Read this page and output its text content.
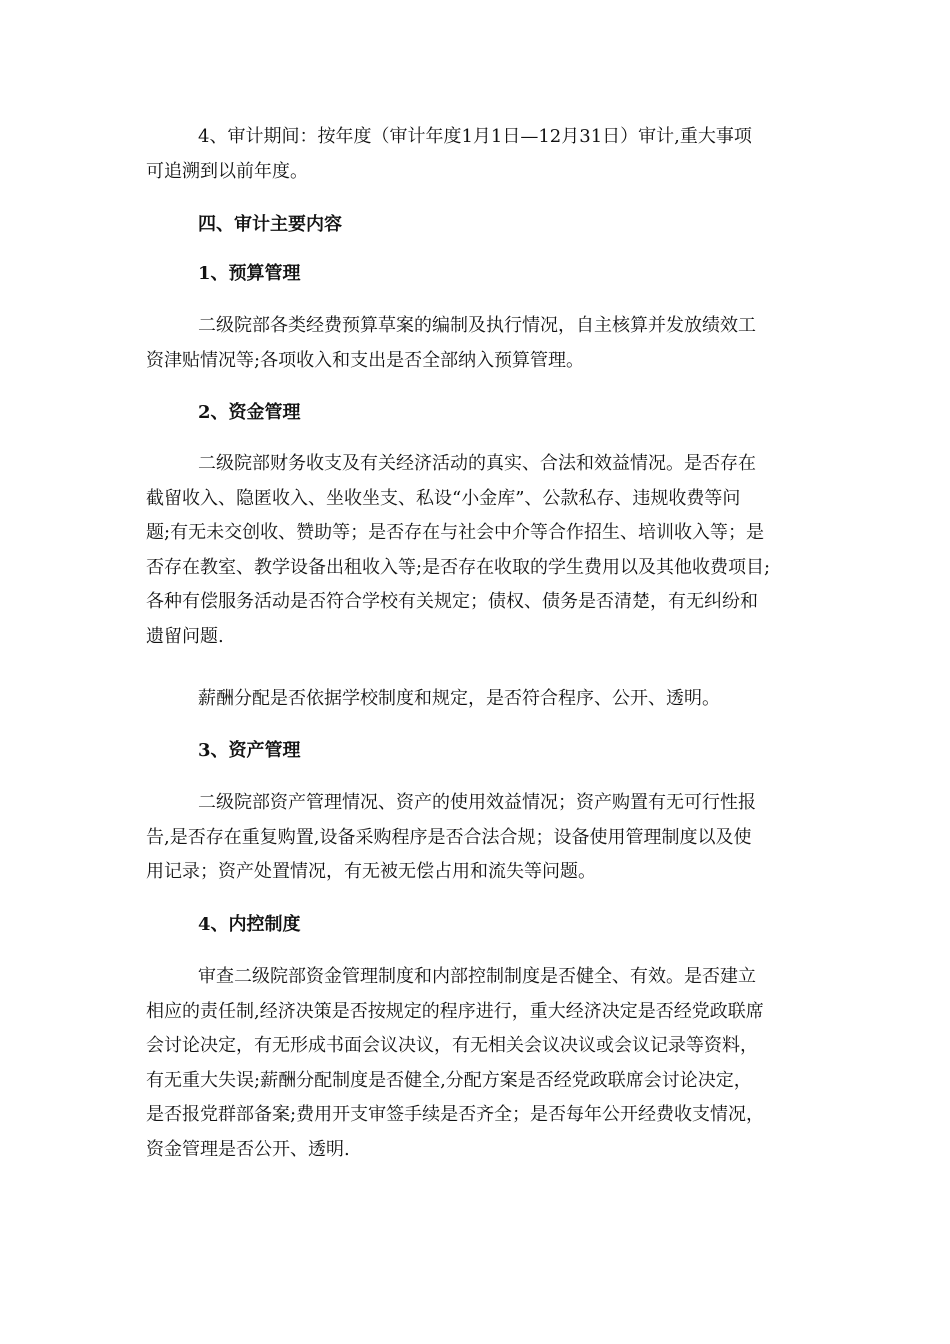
4、审计期间：按年度（审计年度1月1日—12月31日）审计,重大事项
可追溯到以前年度。
四、审计主要内容
1、预算管理
二级院部各类经费预算草案的编制及执行情况，自主核算并发放绩效工
资津贴情况等;各项收入和支出是否全部纳入预算管理。
2、资金管理
二级院部财务收支及有关经济活动的真实、合法和效益情况。是否存在
截留收入、隐匿收入、坐收坐支、私设“小金库”、公款私存、违规收费等问
题;有无未交创收、赞助等；是否存在与社会中介等合作招生、培训收入等；是
否存在教室、教学设备出租收入等;是否存在收取的学生费用以及其他收费项目;
各种有偿服务活动是否符合学校有关规定；债权、债务是否清楚，有无纠纷和
遗留问题.
薪酬分配是否依据学校制度和规定，是否符合程序、公开、透明。
3、资产管理
二级院部资产管理情况、资产的使用效益情况；资产购置有无可行性报
告,是否存在重复购置,设备采购程序是否合法合规；设备使用管理制度以及使
用记录；资产处置情况，有无被无偿占用和流失等问题。
4、内控制度
审查二级院部资金管理制度和内部控制制度是否健全、有效。是否建立
相应的责任制,经济决策是否按规定的程序进行，重大经济决定是否经党政联席
会讨论决定，有无形成书面会议决议，有无相关会议决议或会议记录等资料，
有无重大失误;薪酬分配制度是否健全,分配方案是否经党政联席会讨论决定，
是否报党群部备案;费用开支审签手续是否齐全；是否每年公开经费收支情况，
资金管理是否公开、透明.
